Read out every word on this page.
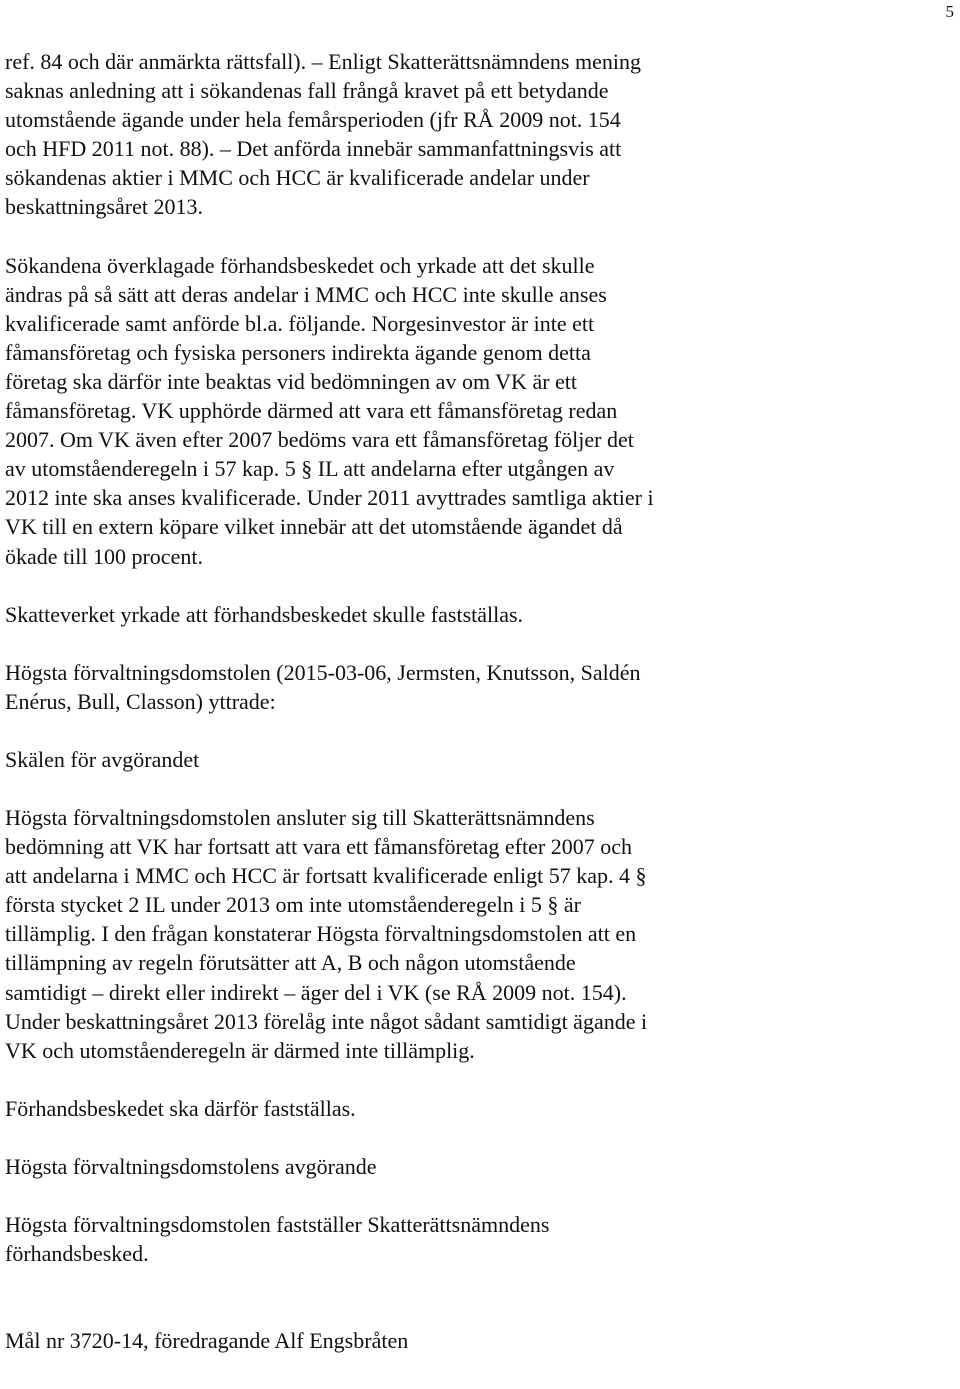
5

ref. 84 och där anmärkta rättsfall). – Enligt Skatterättsnämndens mening
saknas anledning att i sökandenas fall frångå kravet på ett betydande
utomstående ägande under hela femårsperioden (jfr RÅ 2009 not. 154
och HFD 2011 not. 88). – Det anförda innebär sammanfattningsvis att
sökandenas aktier i MMC och HCC är kvalificerade andelar under
beskattningsåret 2013.

Sökandena överklagade förhandsbeskedet och yrkade att det skulle
ändras på så sätt att deras andelar i MMC och HCC inte skulle anses
kvalificerade samt anförde bl.a. följande. Norgesinvestor är inte ett
fåmansföretag och fysiska personers indirekta ägande genom detta
företag ska därför inte beaktas vid bedömningen av om VK är ett
fåmansföretag. VK upphörde därmed att vara ett fåmansföretag redan
2007. Om VK även efter 2007 bedöms vara ett fåmansföretag följer det
av utomståenderegeln i 57 kap. 5 § IL att andelarna efter utgången av
2012 inte ska anses kvalificerade. Under 2011 avyttrades samtliga aktier i
VK till en extern köpare vilket innebär att det utomstående ägandet då
ökade till 100 procent.

Skatteverket yrkade att förhandsbeskedet skulle fastställas.

Högsta förvaltningsdomstolen (2015-03-06, Jermsten, Knutsson, Saldén
Enérus, Bull, Classon) yttrade:

Skälen för avgörandet

Högsta förvaltningsdomstolen ansluter sig till Skatterättsnämndens
bedömning att VK har fortsatt att vara ett fåmansföretag efter 2007 och
att andelarna i MMC och HCC är fortsatt kvalificerade enligt 57 kap. 4 §
första stycket 2 IL under 2013 om inte utomståenderegeln i 5 § är
tillämplig. I den frågan konstaterar Högsta förvaltningsdomstolen att en
tillämpning av regeln förutsätter att A, B och någon utomstående
samtidigt – direkt eller indirekt – äger del i VK (se RÅ 2009 not. 154).
Under beskattningsåret 2013 förelåg inte något sådant samtidigt ägande i
VK och utomståenderegeln är därmed inte tillämplig.

Förhandsbeskedet ska därför fastställas.

Högsta förvaltningsdomstolens avgörande

Högsta förvaltningsdomstolen fastställer Skatterättsnämndens
förhandsbesked.

Mål nr 3720-14, föredragande Alf Engsbråten
